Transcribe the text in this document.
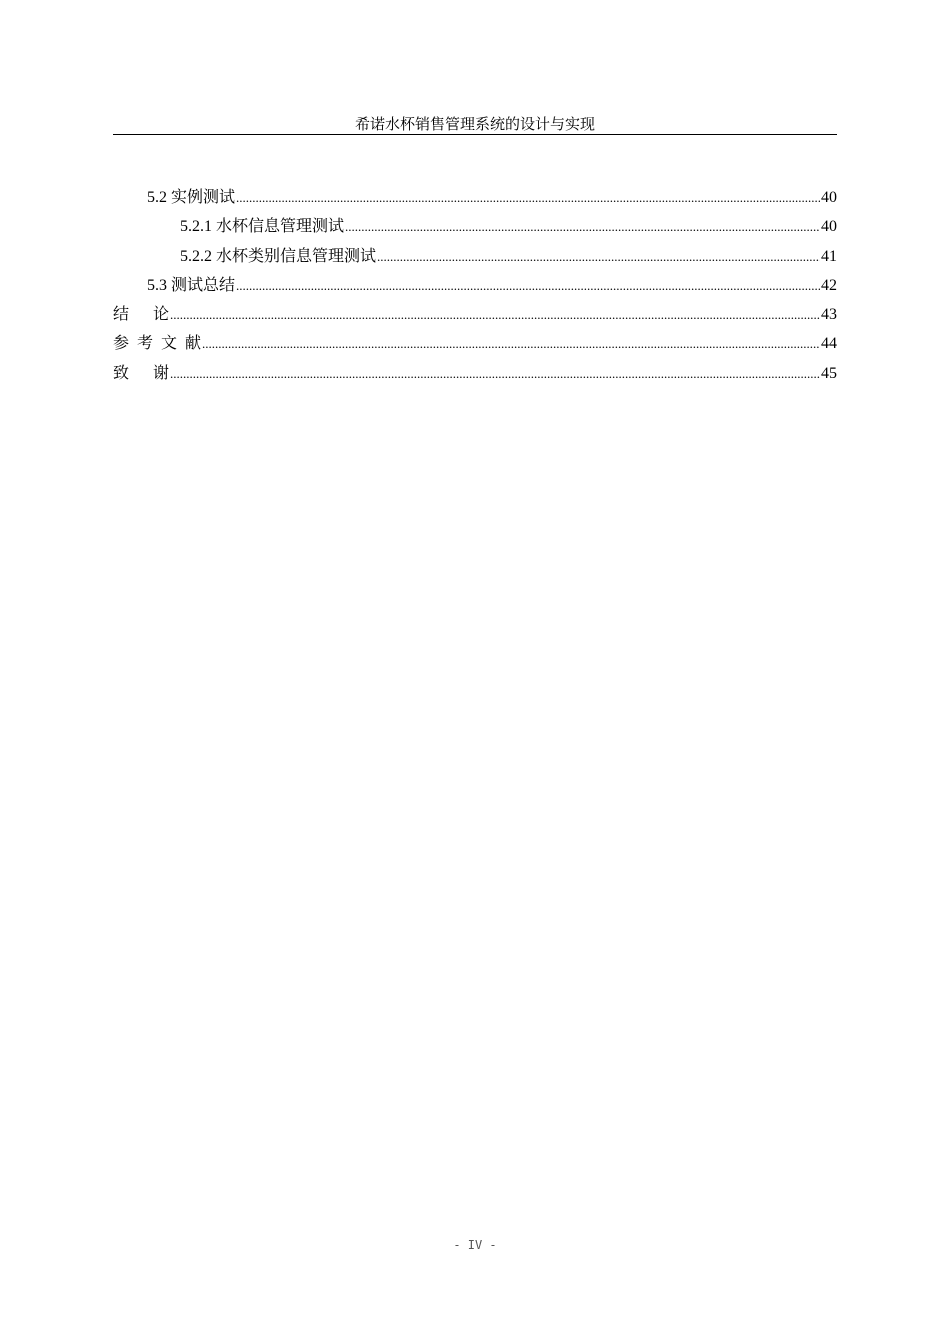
希诺水杯销售管理系统的设计与实现
5.2 实例测试 .....	40
5.2.1 水杯信息管理测试 .....	40
5.2.2 水杯类别信息管理测试 .....	41
5.3 测试总结 .....	42
结      论 .....	43
参  考  文  献 .....	44
致      谢 .....	45
- IV -
